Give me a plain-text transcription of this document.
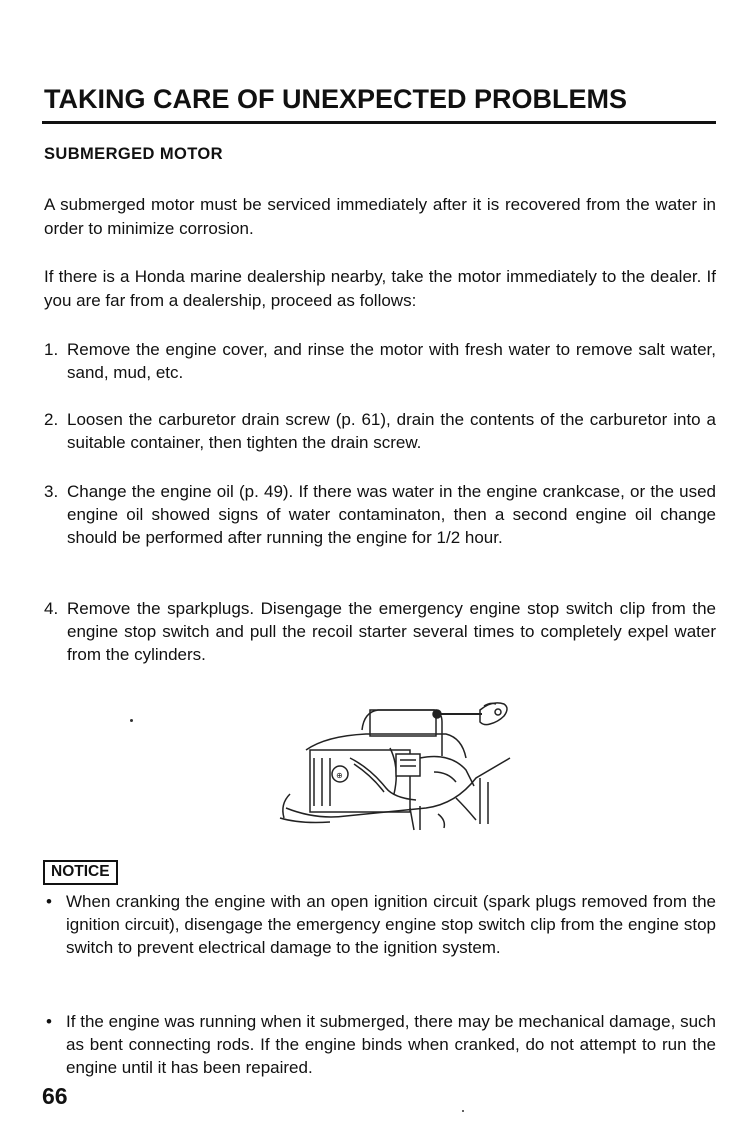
TAKING CARE OF UNEXPECTED PROBLEMS
SUBMERGED MOTOR
A submerged motor must be serviced immediately after it is recovered from the water in order to minimize corrosion.
If there is a Honda marine dealership nearby, take the motor immediately to the dealer. If you are far from a dealership, proceed as follows:
1. Remove the engine cover, and rinse the motor with fresh water to remove salt water, sand, mud, etc.
2. Loosen the carburetor drain screw (p. 61), drain the contents of the carburetor into a suitable container, then tighten the drain screw.
3. Change the engine oil (p. 49). If there was water in the engine crankcase, or the used engine oil showed signs of water contaminaton, then a second engine oil change should be performed after running the engine for 1/2 hour.
4. Remove the sparkplugs. Disengage the emergency engine stop switch clip from the engine stop switch and pull the recoil starter several times to completely expel water from the cylinders.
⊕
NOTICE
• When cranking the engine with an open ignition circuit (spark plugs removed from the ignition circuit), disengage the emergency engine stop switch clip from the engine stop switch to prevent electrical damage to the ignition system.
• If the engine was running when it submerged, there may be mechanical damage, such as bent connecting rods. If the engine binds when cranked, do not attempt to run the engine until it has been repaired.
66
